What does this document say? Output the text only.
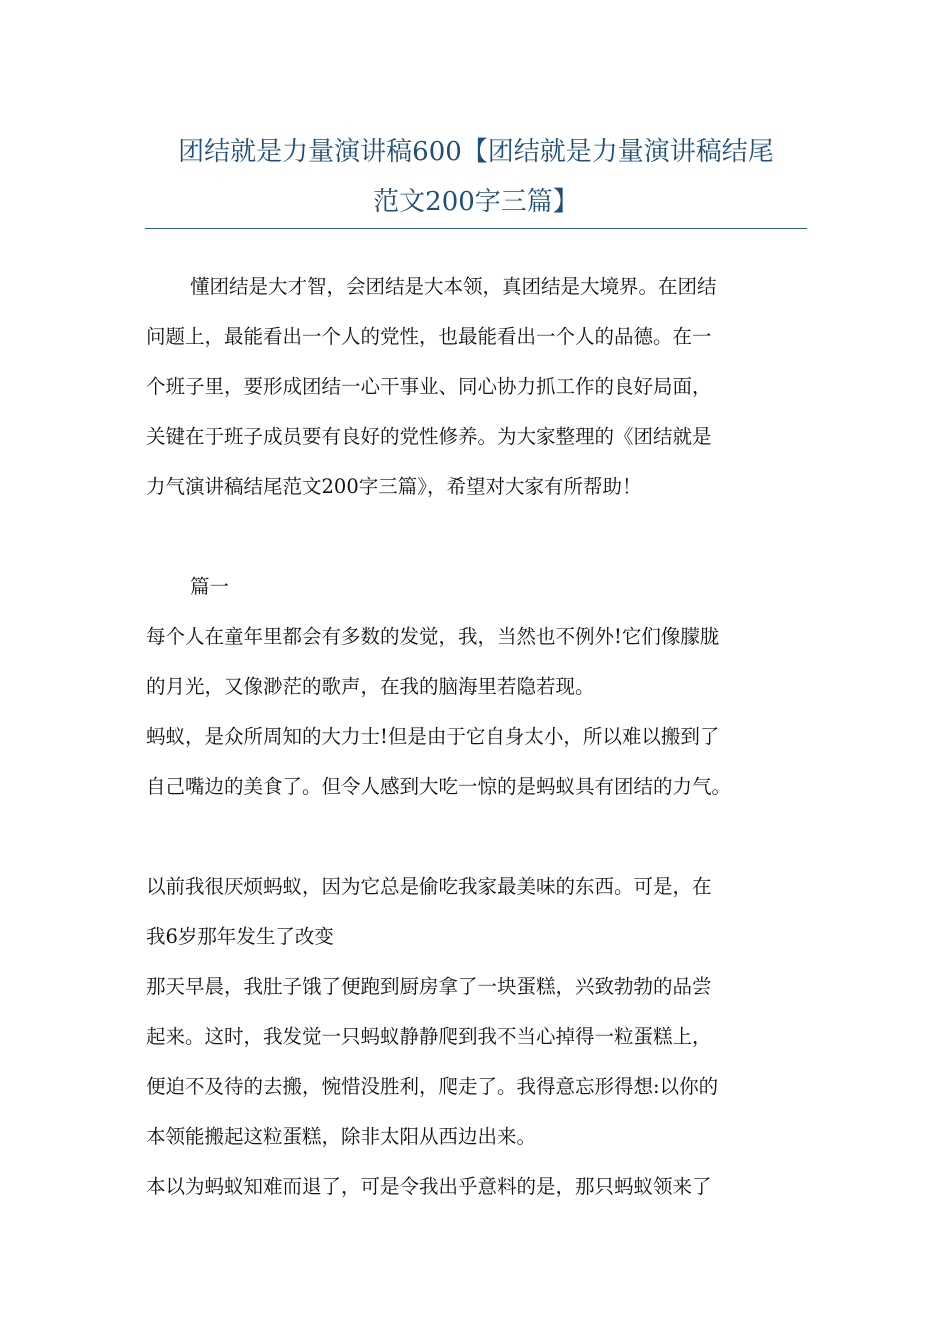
团结就是力量演讲稿600【团结就是力量演讲稿结尾
范文200字三篇】
懂团结是大才智，会团结是大本领，真团结是大境界。在团结
问题上，最能看出一个人的党性，也最能看出一个人的品德。在一
个班子里，要形成团结一心干事业、同心协力抓工作的良好局面，
关键在于班子成员要有良好的党性修养。为大家整理的《团结就是
力气演讲稿结尾范文200字三篇》，希望对大家有所帮助！
篇一
每个人在童年里都会有多数的发觉，我，当然也不例外!它们像朦胧
的月光，又像渺茫的歌声，在我的脑海里若隐若现。
蚂蚁，是众所周知的大力士!但是由于它自身太小，所以难以搬到了
自己嘴边的美食了。但令人感到大吃一惊的是蚂蚁具有团结的力气。
以前我很厌烦蚂蚁，因为它总是偷吃我家最美味的东西。可是，在
我6岁那年发生了改变
那天早晨，我肚子饿了便跑到厨房拿了一块蛋糕，兴致勃勃的品尝
起来。这时，我发觉一只蚂蚁静静爬到我不当心掉得一粒蛋糕上，
便迫不及待的去搬，惋惜没胜利，爬走了。我得意忘形得想:以你的
本领能搬起这粒蛋糕，除非太阳从西边出来。
本以为蚂蚁知难而退了，可是令我出乎意料的是，那只蚂蚁领来了
